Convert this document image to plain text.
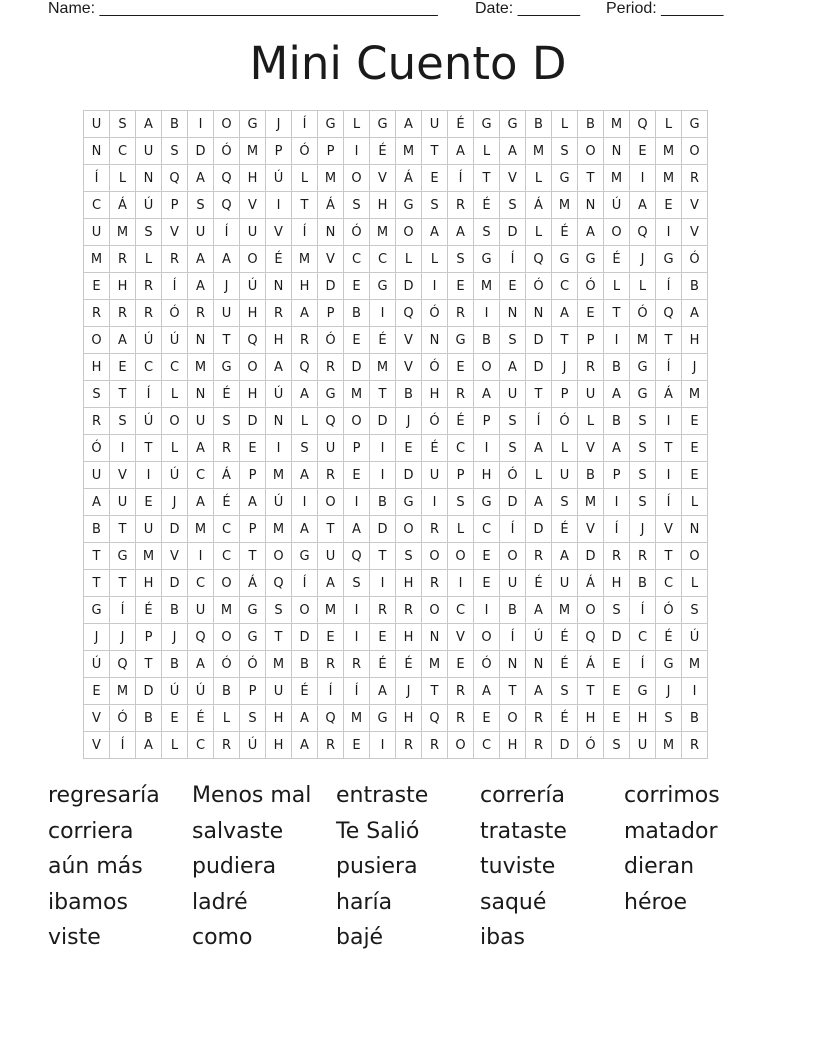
Name: ______________________________________ Date: _______ Period: _______
Mini Cuento D
U	S	A	B	I	O	G	J	Í	G	L	G	A	U	É	G	G	B	L	B	M	Q	L	G
N	C	U	S	D	Ó	M	P	Ó	P	I	É	M	T	A	L	A	M	S	O	N	E	M	O
Í	L	N	Q	A	Q	H	Ú	L	M	O	V	Á	E	Í	T	V	L	G	T	M	I	M	R
C	Á	Ú	P	S	Q	V	I	T	Á	S	H	G	S	R	É	S	Á	M	N	Ú	A	E	V
U	M	S	V	U	Í	U	V	Í	N	Ó	M	O	A	A	S	D	L	É	A	O	Q	I	V
M	R	L	R	A	A	O	É	M	V	C	C	L	L	S	G	Í	Q	G	G	É	J	G	Ó
E	H	R	Í	A	J	Ú	N	H	D	E	G	D	I	E	M	E	Ó	C	Ó	L	L	Í	B
R	R	R	Ó	R	U	H	R	A	P	B	I	Q	Ó	R	I	N	N	A	E	T	Ó	Q	A
O	A	Ú	Ú	N	T	Q	H	R	Ó	E	É	V	N	G	B	S	D	T	P	I	M	T	H
H	E	C	C	M	G	O	A	Q	R	D	M	V	Ó	E	O	A	D	J	R	B	G	Í	J
S	T	Í	L	N	É	H	Ú	A	G	M	T	B	H	R	A	U	T	P	U	A	G	Á	M
R	S	Ú	O	U	S	D	N	L	Q	O	D	J	Ó	É	P	S	Í	Ó	L	B	S	I	E
Ó	I	T	L	A	R	E	I	S	U	P	I	E	É	C	I	S	A	L	V	A	S	T	E
U	V	I	Ú	C	Á	P	M	A	R	E	I	D	U	P	H	Ó	L	U	B	P	S	I	E
A	U	E	J	A	É	A	Ú	I	O	I	B	G	I	S	G	D	A	S	M	I	S	Í	L
B	T	U	D	M	C	P	M	A	T	A	D	O	R	L	C	Í	D	É	V	Í	J	V	N
T	G	M	V	I	C	T	O	G	U	Q	T	S	O	O	E	O	R	A	D	R	R	T	O
T	T	H	D	C	O	Á	Q	Í	A	S	I	H	R	I	E	U	É	U	Á	H	B	C	L
G	Í	É	B	U	M	G	S	O	M	I	R	R	O	C	I	B	A	M	O	S	Í	Ó	S
J	J	P	J	Q	O	G	T	D	E	I	E	H	N	V	O	Í	Ú	É	Q	D	C	É	Ú
Ú	Q	T	B	A	Ó	Ó	M	B	R	R	É	É	M	E	Ó	N	N	É	Á	E	Í	G	M
E	M	D	Ú	Ú	B	P	U	É	Í	Í	A	J	T	R	A	T	A	S	T	E	G	J	I
V	Ó	B	E	É	L	S	H	A	Q	M	G	H	Q	R	E	O	R	É	H	E	H	S	B
V	Í	A	L	C	R	Ú	H	A	R	E	I	R	R	O	C	H	R	D	Ó	S	U	M	R
regresaría	Menos mal	entraste	correría	corrimos
corriera	salvaste	Te Salió	trataste	matador
aún más	pudiera	pusiera	tuviste	dieran
ibamos	ladré	haría	saqué	héroe
viste	como	bajé	ibas
